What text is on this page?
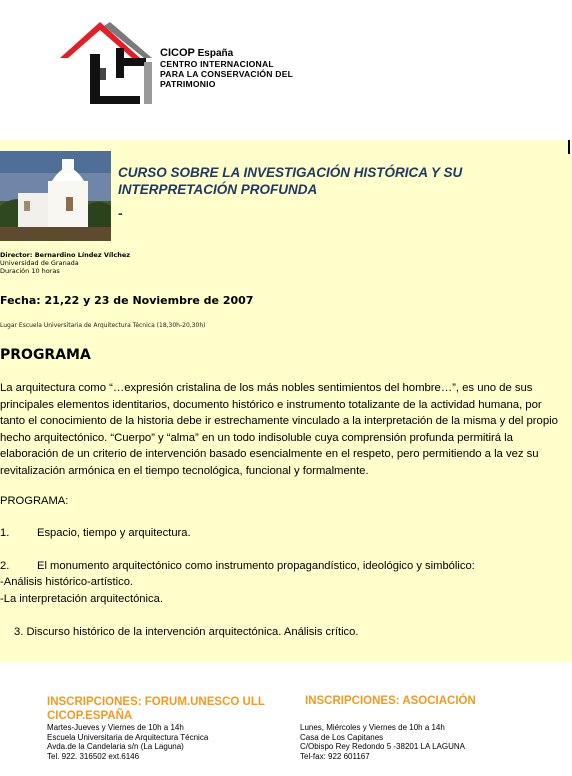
CICOP España
CENTRO INTERNACIONAL
PARA LA CONSERVACIÓN DEL
PATRIMONIO
CURSO SOBRE LA INVESTIGACIÓN HISTÓRICA Y SU INTERPRETACIÓN PROFUNDA
-
Director: Bernardino Líndez Vílchez
Universidad de Granada
Duración 10 horas
Fecha: 21,22 y 23 de Noviembre de 2007
Lugar Escuela Universitaria de Arquitectura Técnica (18,30h-20,30h)
PROGRAMA
La arquitectura como “…expresión cristalina de los más nobles sentimientos del hombre…”, es uno de sus principales elementos identitarios, documento histórico e instrumento totalizante de la actividad humana, por tanto el conocimiento de la historia debe ir estrechamente vinculado a la interpretación de la misma y del propio hecho arquitectónico. “Cuerpo” y “alma” en un todo indisoluble cuya comprensión profunda permitirá la elaboración de un criterio de intervención basado esencialmente en el respeto, pero permitiendo a la vez su revitalización armónica en el tiempo tecnológica, funcional y formalmente.
PROGRAMA:
1. Espacio, tiempo y arquitectura.
2. El monumento arquitectónico como instrumento propagandístico, ideológico y simbólico:
-Análisis histórico-artístico.
-La interpretación arquitectónica.
3. Discurso histórico de la intervención arquitectónica. Análisis crítico.
INSCRIPCIONES: FORUM.UNESCO ULL CICOP.ESPAÑA
INSCRIPCIONES: ASOCIACIÓN
Martes-Jueves y Viernes de 10h a 14h
Escuela Universitaria de Arquitectura Técnica
Avda.de la Candelaria s/n (La Laguna)
Tel. 922. 316502 ext.6146
Lunes, Miércoles y Viernes de 10h a 14h
Casa de Los Capitanes
C/Obispo Rey Redondo 5 -38201 LA LAGUNA
Tel-fax: 922 601167
